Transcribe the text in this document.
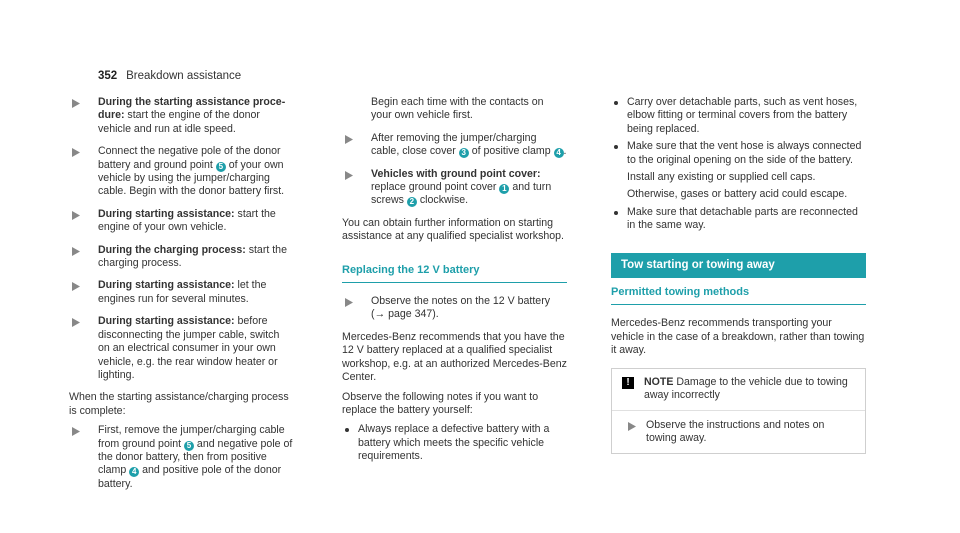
352 Breakdown assistance
During the starting assistance procedure: start the engine of the donor vehicle and run at idle speed.
Connect the negative pole of the donor battery and ground point 5 of your own vehicle by using the jumper/charging cable. Begin with the donor battery first.
During starting assistance: start the engine of your own vehicle.
During the charging process: start the charging process.
During starting assistance: let the engines run for several minutes.
During starting assistance: before disconnecting the jumper cable, switch on an electrical consumer in your own vehicle, e.g. the rear window heater or lighting.
When the starting assistance/charging process is complete:
First, remove the jumper/charging cable from ground point 5 and negative pole of the donor battery, then from positive clamp 4 and positive pole of the donor battery.
Begin each time with the contacts on your own vehicle first.
After removing the jumper/charging cable, close cover 3 of positive clamp 4 .
Vehicles with ground point cover: replace ground point cover 1 and turn screws 2 clockwise.
You can obtain further information on starting assistance at any qualified specialist workshop.
Replacing the 12 V battery
Observe the notes on the 12 V battery (→ page 347).
Mercedes-Benz recommends that you have the 12 V battery replaced at a qualified specialist workshop, e.g. at an authorized Mercedes-Benz Center.
Observe the following notes if you want to replace the battery yourself:
Always replace a defective battery with a battery which meets the specific vehicle requirements.
Carry over detachable parts, such as vent hoses, elbow fitting or terminal covers from the battery being replaced.
Make sure that the vent hose is always connected to the original opening on the side of the battery.
Install any existing or supplied cell caps.
Otherwise, gases or battery acid could escape.
Make sure that detachable parts are reconnected in the same way.
Tow starting or towing away
Permitted towing methods
Mercedes-Benz recommends transporting your vehicle in the case of a breakdown, rather than towing it away.
!	NOTE Damage to the vehicle due to towing away incorrectly
Observe the instructions and notes on towing away.
